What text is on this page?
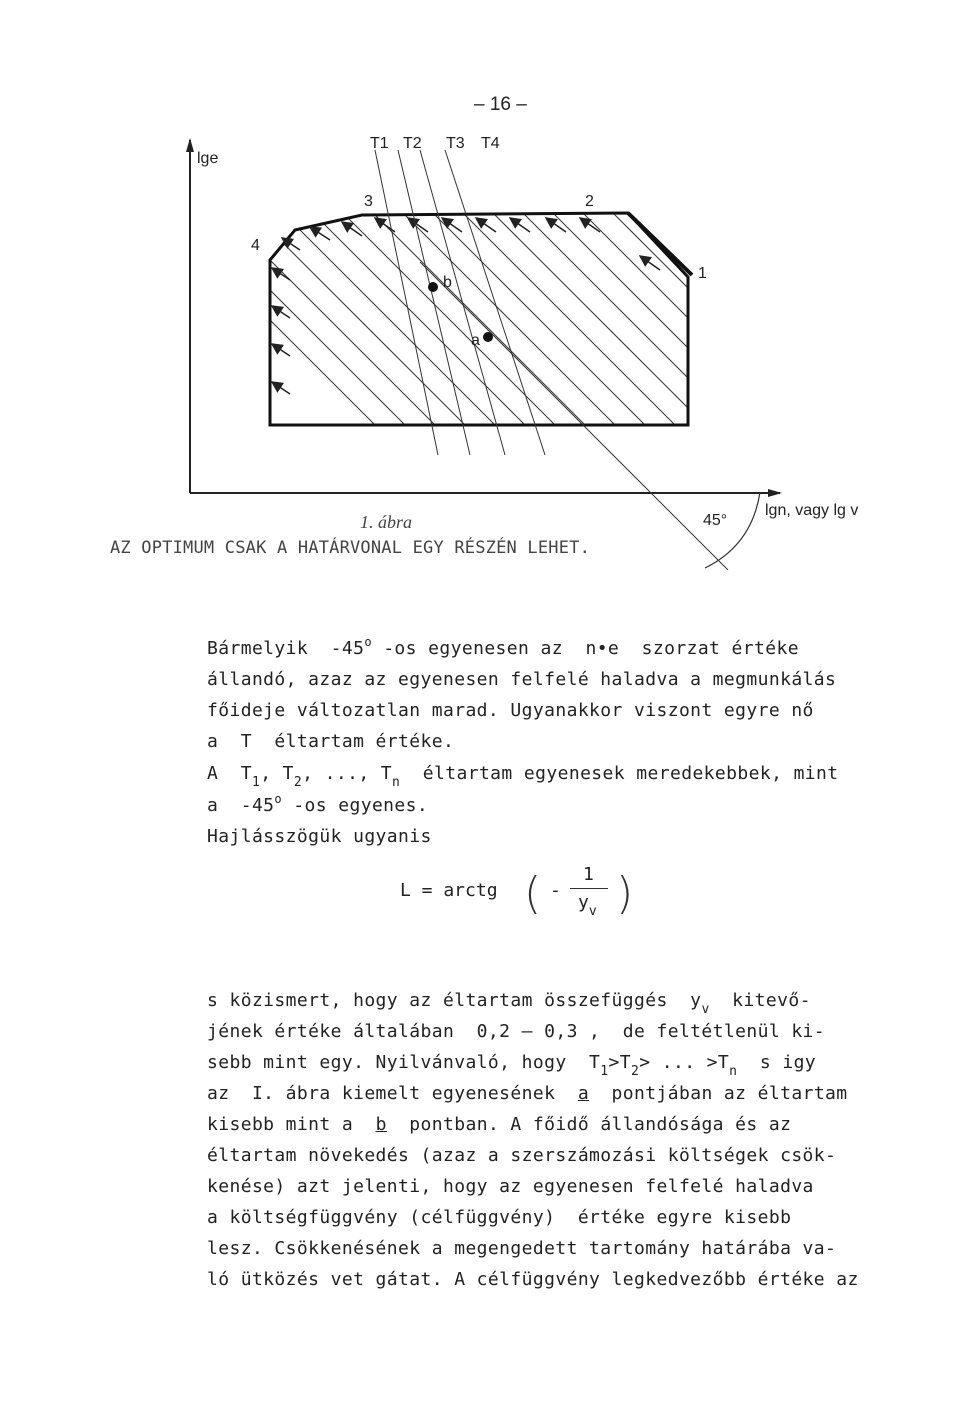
– 16 –
lge
lgn, vagy lg v
45°
T1 T2 T3 T4
3	2
4
1
b
a
1. ábra
AZ OPTIMUM CSAK A HATÁRVONAL EGY RÉSZÉN LEHET.
Bármelyik  -45$^o$ -os egyenesen az  n•e  szorzat értéke
állandó, azaz az egyenesen felfelé haladva a megmunkálás
főideje változatlan marad. Ugyanakkor viszont egyre nő
a  T  éltartam értéke.
A  $T_1$, $T_2$, ..., $T_n$  éltartam egyenesek meredekebbek, mint
a  -45$^o$ -os egyenes.
Hajlásszögük ugyanis
L = arctg ( -
1
$y_v$ )
s közismert, hogy az éltartam összefüggés  $y_v$  kitevő-
jének értéke általában  0,2 – 0,3 ,  de feltétlenül ki-
sebb mint egy. Nyilvánvaló, hogy  $T_1>T_2>$ ... $>T_n$  s igy
az  I. ábra kiemelt egyenesének  a  pontjában az éltartam
kisebb mint a  b  pontban. A főidő állandósága és az
éltartam növekedés (azaz a szerszámozási költségek csök-
kenése) azt jelenti, hogy az egyenesen felfelé haladva
a költségfüggvény (célfüggvény)  értéke egyre kisebb
lesz. Csökkenésének a megengedett tartomány határába va-
ló ütközés vet gátat. A célfüggvény legkedvezőbb értéke az
